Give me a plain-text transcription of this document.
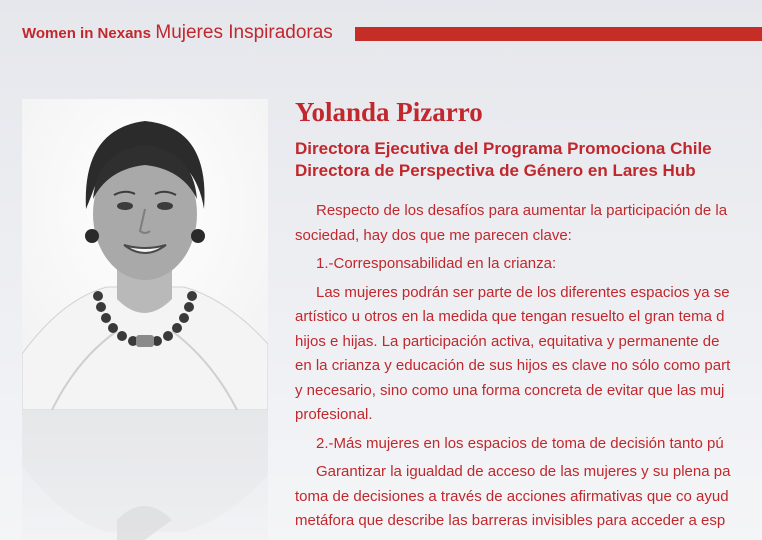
Women in Nexans Mujeres Inspiradoras
Yolanda Pizarro

Directora Ejecutiva del Programa Promociona Chile

Directora de Perspectiva de Género en Lares Hub

Respecto de los desafíos para aumentar la participación de la
sociedad, hay dos que me parecen clave:
1.-Corresponsabilidad en la crianza:
Las mujeres podrán ser parte de los diferentes espacios ya se
artístico u otros en la medida que tengan resuelto el gran tema d
hijos e hijas. La participación activa, equitativa y permanente de
en la crianza y educación de sus hijos es clave no sólo como part
y necesario, sino como una forma concreta de evitar que las muj
profesional.
2.-Más mujeres en los espacios de toma de decisión tanto pú
Garantizar la igualdad de acceso de las mujeres y su plena pa
toma de decisiones a través de acciones afirmativas que co ayud
metáfora que describe las barreras invisibles para acceder a esp
